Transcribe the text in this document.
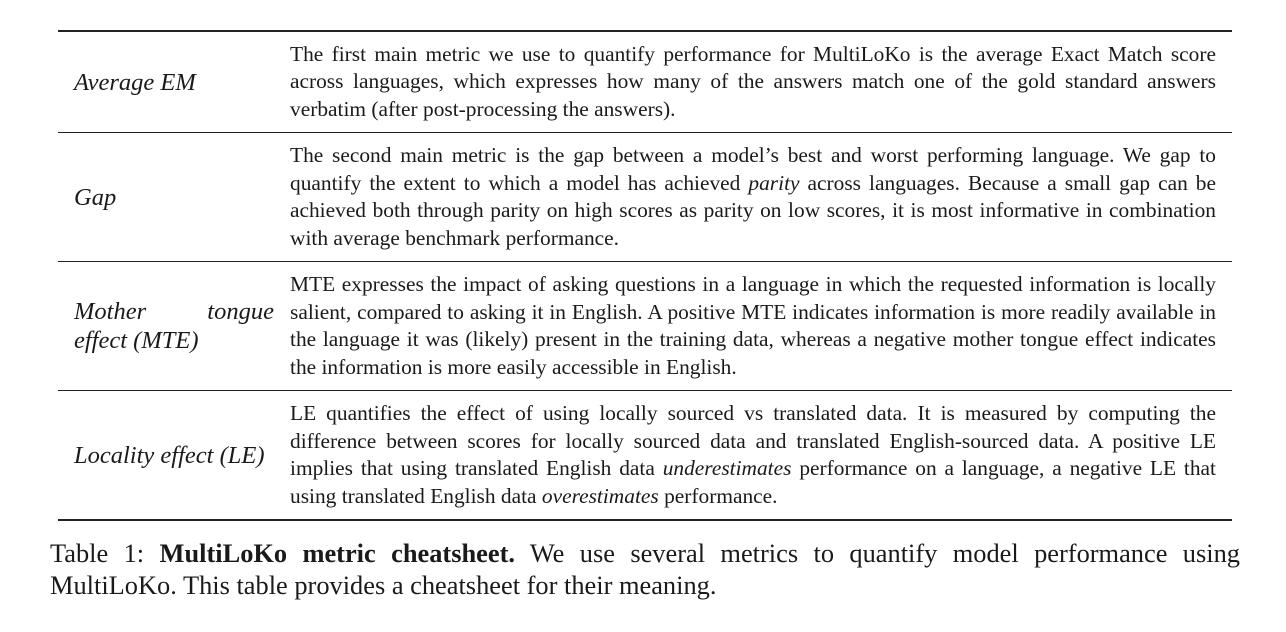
Average EM	The first main metric we use to quantify performance for MultiLoKo is the average Exact Match score across languages, which expresses how many of the answers match one of the gold standard answers verbatim (after post-processing the answers).

Gap	The second main metric is the gap between a model’s best and worst performing language. We gap to quantify the extent to which a model has achieved parity across languages. Because a small gap can be achieved both through parity on high scores as parity on low scores, it is most informative in combination with average benchmark performance.

Mother tongue effect (MTE)	MTE expresses the impact of asking questions in a language in which the requested information is locally salient, compared to asking it in English. A positive MTE indicates information is more readily available in the language it was (likely) present in the training data, whereas a negative mother tongue effect indicates the information is more easily accessible in English.

Locality effect (LE)	LE quantifies the effect of using locally sourced vs translated data. It is measured by computing the difference between scores for locally sourced data and translated English-sourced data. A positive LE implies that using translated English data underestimates performance on a language, a negative LE that using translated English data overestimates performance.
Table 1: MultiLoKo metric cheatsheet. We use several metrics to quantify model performance using MultiLoKo. This table provides a cheatsheet for their meaning.
